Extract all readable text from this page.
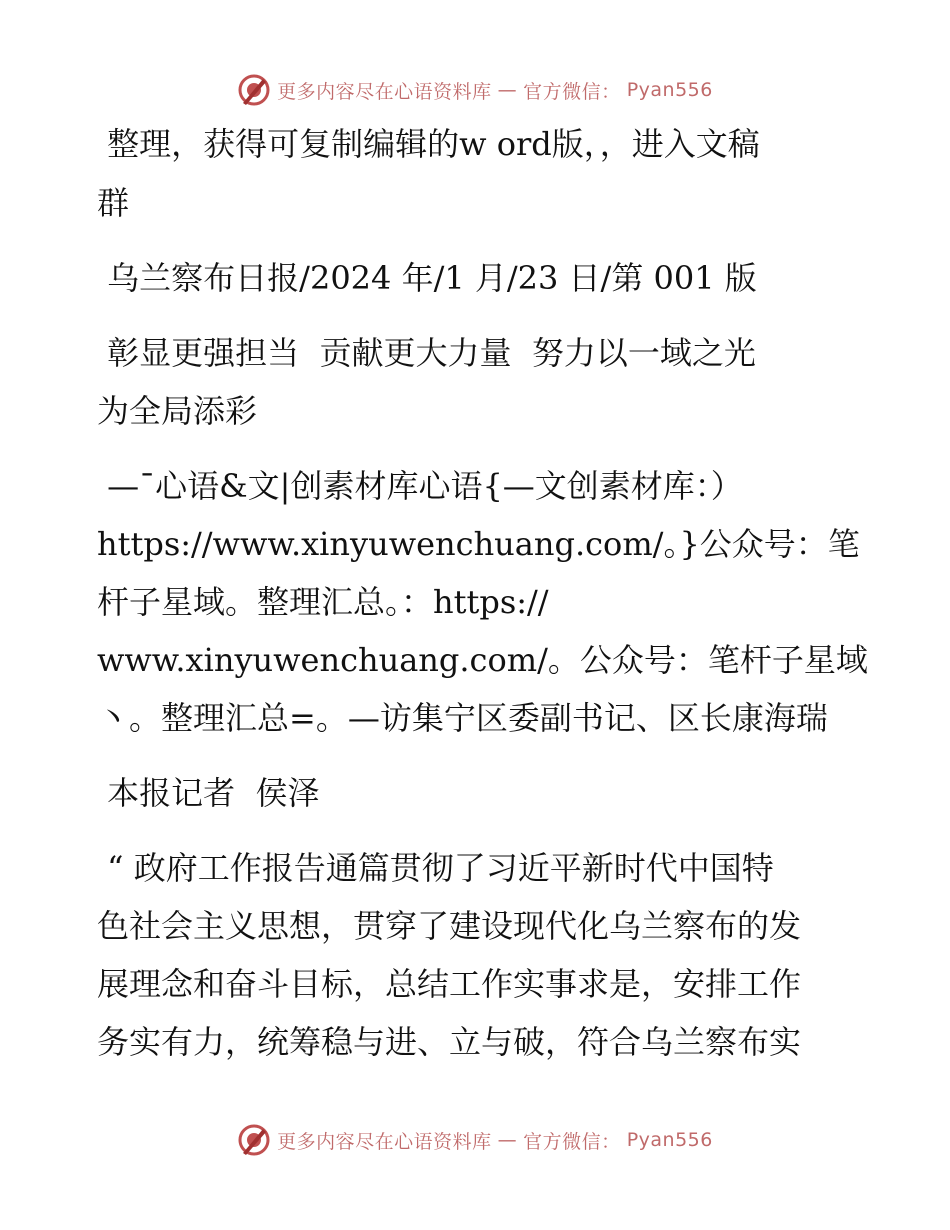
更多内容尽在心语资料库 — 官方微信： Pyan556
整理，获得可复制编辑的w ord版，，进入文稿
群
乌兰察布日报/2024 年/1 月/23 日/第 001 版
彰显更强担当  贡献更大力量  努力以一域之光
为全局添彩
—¯心语&文|创素材库心语{—文创素材库：）
https://www.xinyuwenchuang.com/。}公众号：笔
杆子星域。整理汇总。：https://
www.xinyuwenchuang.com/。公众号：笔杆子星域
丶。整理汇总=。—访集宁区委副书记、区长康海瑞
本报记者  侯泽
“ 政府工作报告通篇贯彻了习近平新时代中国特
色社会主义思想，贯穿了建设现代化乌兰察布的发
展理念和奋斗目标，总结工作实事求是，安排工作
务实有力，统筹稳与进、立与破，符合乌兰察布实
更多内容尽在心语资料库 — 官方微信： Pyan556
